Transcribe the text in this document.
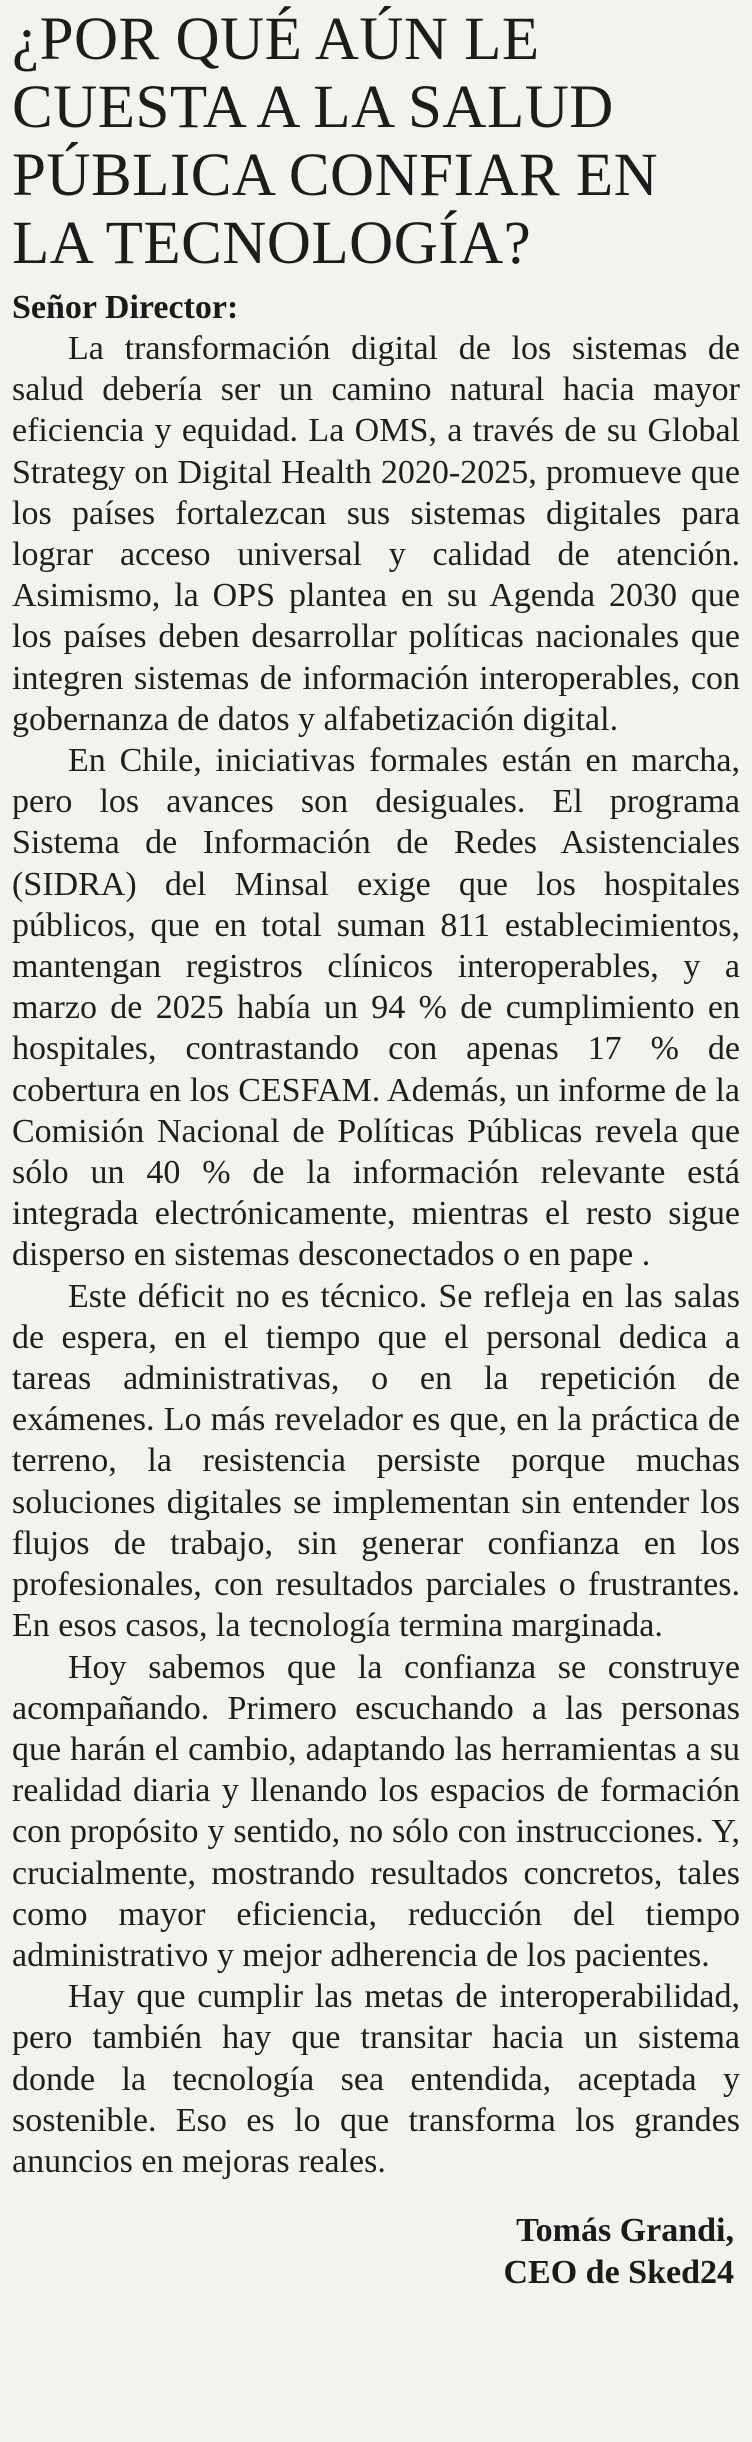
¿POR QUÉ AÚN LE CUESTA A LA SALUD PÚBLICA CONFIAR EN LA TECNOLOGÍA?
Señor Director:

La transformación digital de los sistemas de salud debería ser un camino natural hacia mayor eficiencia y equidad. La OMS, a través de su Global Strategy on Digital Health 2020-2025, promueve que los países fortalezcan sus sistemas digitales para lograr acceso universal y calidad de atención. Asimismo, la OPS plantea en su Agenda 2030 que los países deben desarrollar políticas nacionales que integren sistemas de información interoperables, con gobernanza de datos y alfabetización digital.

En Chile, iniciativas formales están en marcha, pero los avances son desiguales. El programa Sistema de Información de Redes Asistenciales (SIDRA) del Minsal exige que los hospitales públicos, que en total suman 811 establecimientos, mantengan registros clínicos interoperables, y a marzo de 2025 había un 94 % de cumplimiento en hospitales, contrastando con apenas 17 % de cobertura en los CESFAM. Además, un informe de la Comisión Nacional de Políticas Públicas revela que sólo un 40 % de la información relevante está integrada electrónicamente, mientras el resto sigue disperso en sistemas desconectados o en pape .

Este déficit no es técnico. Se refleja en las salas de espera, en el tiempo que el personal dedica a tareas administrativas, o en la repetición de exámenes. Lo más revelador es que, en la práctica de terreno, la resistencia persiste porque muchas soluciones digitales se implementan sin entender los flujos de trabajo, sin generar confianza en los profesionales, con resultados parciales o frustrantes. En esos casos, la tecnología termina marginada.

Hoy sabemos que la confianza se construye acompañando. Primero escuchando a las personas que harán el cambio, adaptando las herramientas a su realidad diaria y llenando los espacios de formación con propósito y sentido, no sólo con instrucciones. Y, crucialmente, mostrando resultados concretos, tales como mayor eficiencia, reducción del tiempo administrativo y mejor adherencia de los pacientes.

Hay que cumplir las metas de interoperabilidad, pero también hay que transitar hacia un sistema donde la tecnología sea entendida, aceptada y sostenible. Eso es lo que transforma los grandes anuncios en mejoras reales.

Tomás Grandi,
CEO de Sked24
